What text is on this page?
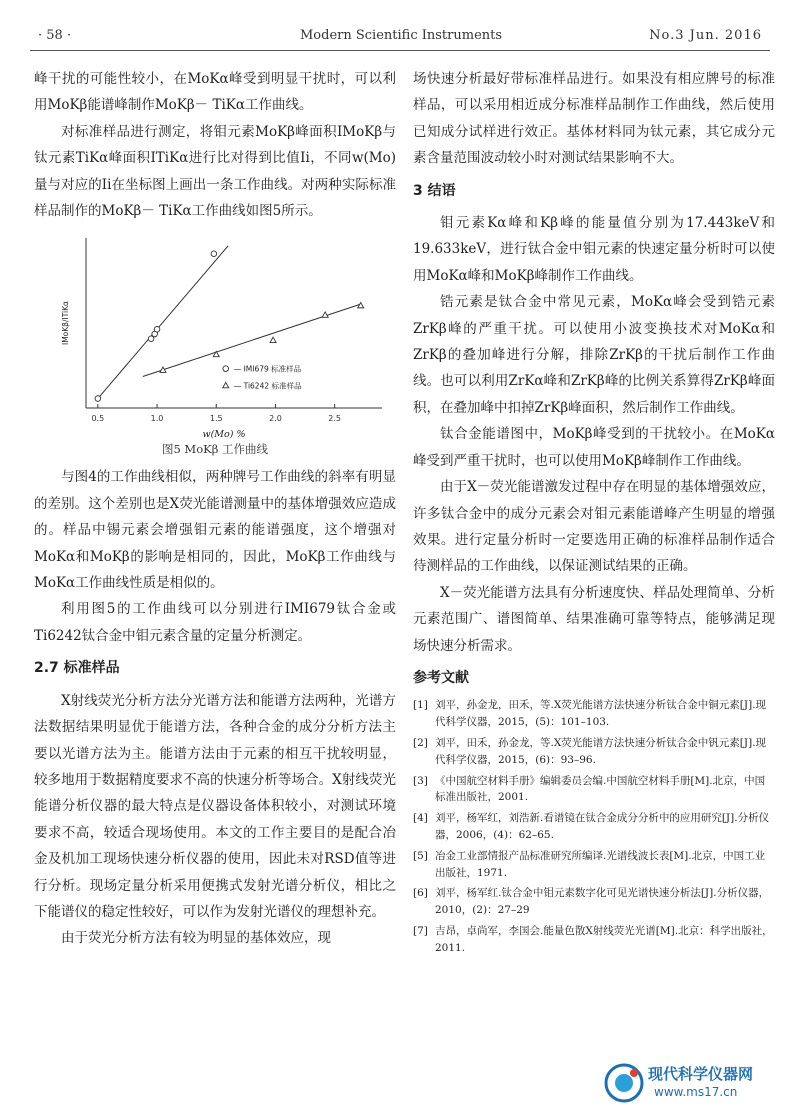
· 58 ·	Modern Scientific Instruments	No.3 Jun. 2016

峰干扰的可能性较小，在MoKα峰受到明显干扰时，可以利用MoKβ能谱峰制作MoKβ－ TiKα工作曲线。

对标准样品进行测定，将钼元素MoKβ峰面积IMoKβ与钛元素TiKα峰面积ITiKα进行比对得到比值Ii，不同w(Mo)量与对应的Ii在坐标图上画出一条工作曲线。对两种实际标准样品制作的MoKβ－ TiKα工作曲线如图5所示。

0.5	1.0	1.5	2.0	2.5
w(Mo) %
IMoKβ/ITiKα
— IMI679 标准样品
— Ti6242 标准样品
图5 MoKβ 工作曲线

与图4的工作曲线相似，两种牌号工作曲线的斜率有明显的差别。这个差别也是X荧光能谱测量中的基体增强效应造成的。样品中锡元素会增强钼元素的能谱强度，这个增强对MoKα和MoKβ的影响是相同的，因此，MoKβ工作曲线与MoKα工作曲线性质是相似的。

利用图5的工作曲线可以分别进行IMI679钛合金或Ti6242钛合金中钼元素含量的定量分析测定。

2.7 标准样品

X射线荧光分析方法分光谱方法和能谱方法两种，光谱方法数据结果明显优于能谱方法，各种合金的成分分析方法主要以光谱方法为主。能谱方法由于元素的相互干扰较明显，较多地用于数据精度要求不高的快速分析等场合。X射线荧光能谱分析仪器的最大特点是仪器设备体积较小，对测试环境要求不高，较适合现场使用。本文的工作主要目的是配合冶金及机加工现场快速分析仪器的使用，因此未对RSD值等进行分析。现场定量分析采用便携式发射光谱分析仪，相比之下能谱仪的稳定性较好，可以作为发射光谱仪的理想补充。

由于荧光分析方法有较为明显的基体效应，现

场快速分析最好带标准样品进行。如果没有相应牌号的标准样品，可以采用相近成分标准样品制作工作曲线，然后使用已知成分试样进行效正。基体材料同为钛元素，其它成分元素含量范围波动较小时对测试结果影响不大。

3 结语

钼元素Kα峰和Kβ峰的能量值分别为17.443keV和19.633keV，进行钛合金中钼元素的快速定量分析时可以使用MoKα峰和MoKβ峰制作工作曲线。

锆元素是钛合金中常见元素，MoKα峰会受到锆元素ZrKβ峰的严重干扰。可以使用小波变换技术对MoKα和ZrKβ的叠加峰进行分解，排除ZrKβ的干扰后制作工作曲线。也可以利用ZrKα峰和ZrKβ峰的比例关系算得ZrKβ峰面积，在叠加峰中扣掉ZrKβ峰面积，然后制作工作曲线。

钛合金能谱图中，MoKβ峰受到的干扰较小。在MoKα峰受到严重干扰时，也可以使用MoKβ峰制作工作曲线。

由于X－荧光能谱激发过程中存在明显的基体增强效应，许多钛合金中的成分元素会对钼元素能谱峰产生明显的增强效果。进行定量分析时一定要选用正确的标准样品制作适合待测样品的工作曲线，以保证测试结果的正确。

X－荧光能谱方法具有分析速度快、样品处理简单、分析元素范围广、谱图简单、结果准确可靠等特点，能够满足现场快速分析需求。

参考文献
[1] 刘平，孙金龙，田禾，等.X荧光能谱方法快速分析钛合金中铜元素[J].现代科学仪器，2015，(5)：101–103.
[2] 刘平，田禾，孙金龙，等.X荧光能谱方法快速分析钛合金中钒元素[J].现代科学仪器，2015，(6)：93–96.
[3] 《中国航空材料手册》编辑委员会编.中国航空材料手册[M].北京，中国标准出版社，2001.
[4] 刘平，杨军红，刘浩新.看谱镜在钛合金成分分析中的应用研究[J].分析仪器，2006，(4)：62–65.
[5] 冶金工业部情报产品标准研究所编译.光谱线波长表[M].北京，中国工业出版社，1971.
[6] 刘平，杨军红.钛合金中钼元素数字化可见光谱快速分析法[J].分析仪器，2010，(2)：27–29
[7] 吉昂，卓尚军，李国会.能量色散X射线荧光光谱[M].北京：科学出版社，2011.
现代科学仪器网
www.ms17.cn
